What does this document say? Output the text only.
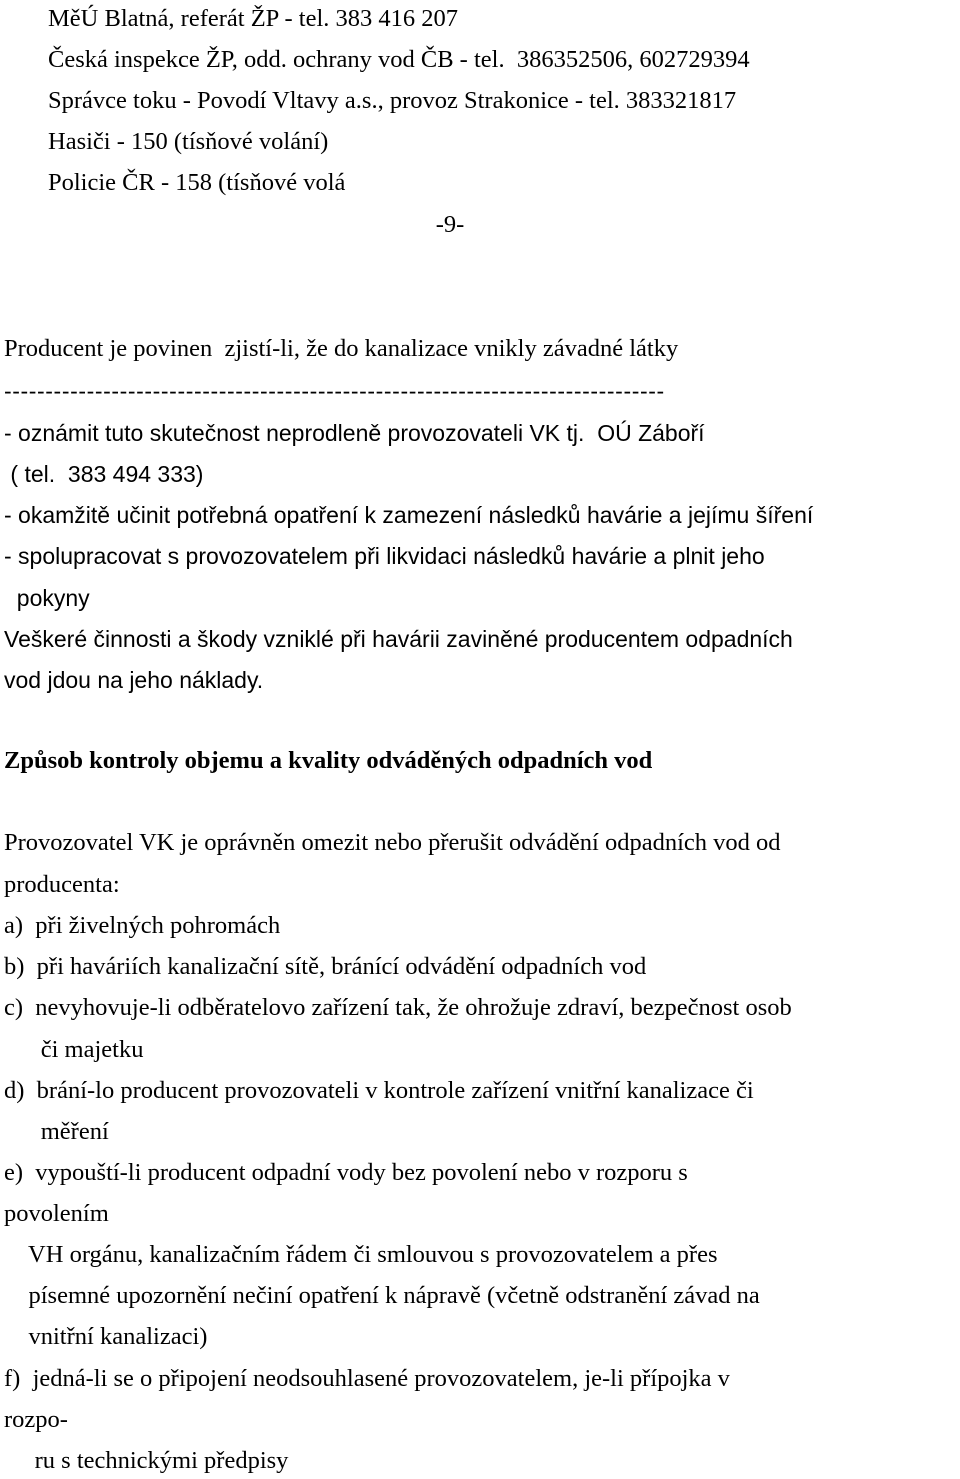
MěÚ Blatná, referát ŽP - tel. 383 416 207
Česká inspekce ŽP, odd. ochrany vod ČB - tel.  386352506, 602729394
Správce toku - Povodí Vltavy a.s., provoz Strakonice - tel. 383321817
Hasiči - 150 (tísňové volání)
Policie ČR - 158 (tísňové volá
-9-
Producent je povinen  zjistí-li, že do kanalizace vnikly závadné látky
--------------------------------------------------------------------------------
- oznámit tuto skutečnost neprodleně provozovateli VK tj.  OÚ Záboří
( tel.  383 494 333)
- okamžitě učinit potřebná opatření k zamezení následků havárie a jejímu šíření
- spolupracovat s provozovatelem při likvidaci následků havárie a plnit jeho
pokyny
Veškeré činnosti a škody vzniklé při havárii zaviněné producentem odpadních
vod jdou na jeho náklady.
Způsob kontroly objemu a kvality odváděných odpadních vod
Provozovatel VK je oprávněn omezit nebo přerušit odvádění odpadních vod od
producenta:
a)  při živelných pohromách
b)  při haváriích kanalizační sítě, bránící odvádění odpadních vod
c)  nevyhovuje-li odběratelovo zařízení tak, že ohrožuje zdraví, bezpečnost osob
či majetku
d)  brání-lo producent provozovateli v kontrole zařízení vnitřní kanalizace či
měření
e)  vypouští-li producent odpadní vody bez povolení nebo v rozporu s
povolením
VH orgánu, kanalizačním řádem či smlouvou s provozovatelem a přes
písemné upozornění nečiní opatření k nápravě (včetně odstranění závad na
vnitřní kanalizaci)
f)  jedná-li se o připojení neodsouhlasené provozovatelem, je-li přípojka v
rozpo-
ru s technickými předpisy
